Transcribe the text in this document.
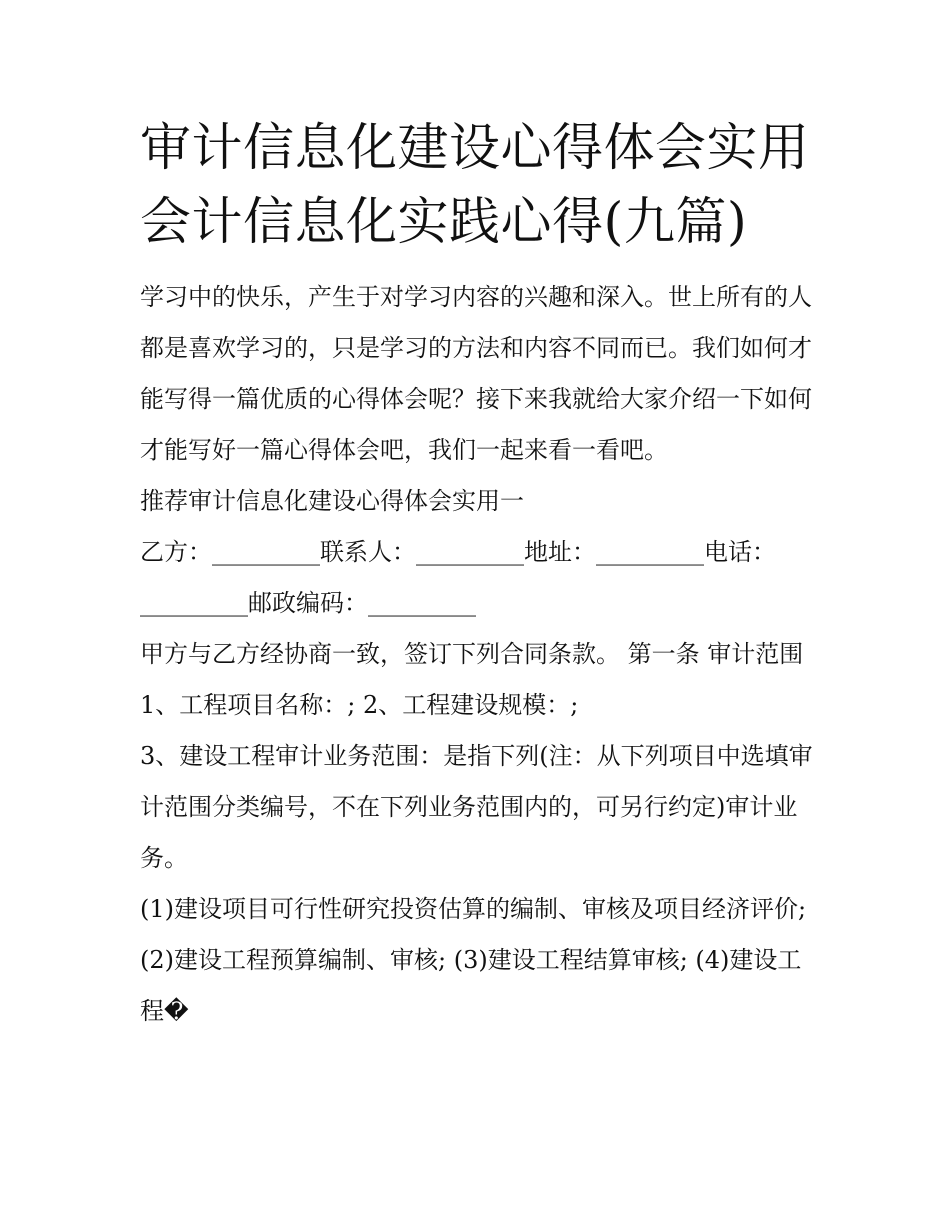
审计信息化建设心得体会实用
会计信息化实践心得(九篇)

学习中的快乐，产生于对学习内容的兴趣和深入。世上所有的人都是喜欢学习的，只是学习的方法和内容不同而已。我们如何才能写得一篇优质的心得体会呢？接下来我就给大家介绍一下如何才能写好一篇心得体会吧，我们一起来看一看吧。

推荐审计信息化建设心得体会实用一

乙方：_________联系人：_________地址：_________电话：_________邮政编码：_________

甲方与乙方经协商一致，签订下列合同条款。 第一条 审计范围 1、工程项目名称：; 2、工程建设规模：;

3、建设工程审计业务范围：是指下列(注：从下列项目中选填审计范围分类编号，不在下列业务范围内的，可另行约定)审计业务。

(1)建设项目可行性研究投资估算的编制、审核及项目经济评价; (2)建设工程预算编制、审核; (3)建设工程结算审核; (4)建设工程�
